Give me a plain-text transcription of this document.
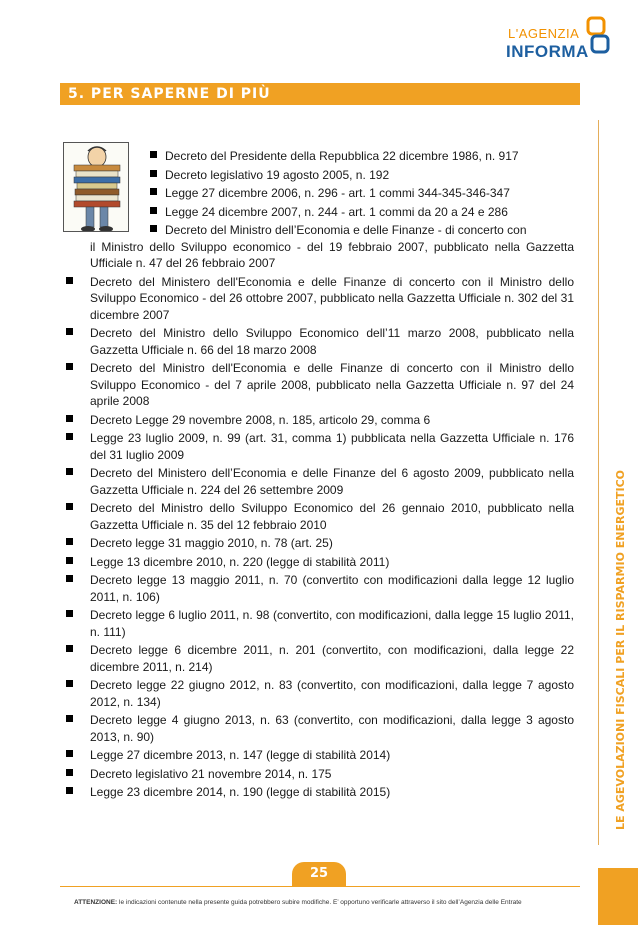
L'AGENZIA
INFORMA
5. PER SAPERNE DI PIÙ
Decreto del Presidente della Repubblica 22 dicembre 1986, n. 917
Decreto legislativo 19 agosto 2005, n. 192
Legge 27 dicembre 2006, n. 296 - art. 1 commi 344-345-346-347
Legge 24 dicembre 2007, n. 244 - art. 1 commi da 20 a 24 e 286
Decreto del Ministro dell’Economia e delle Finanze - di concerto con
il Ministro dello Sviluppo economico - del 19 febbraio 2007, pubblicato nella Gazzetta Ufficiale n. 47 del 26 febbraio 2007
Decreto del Ministero dell'Economia e delle Finanze di concerto con il Ministro dello Sviluppo Economico - del 26 ottobre 2007, pubblicato nella Gazzetta Ufficiale n. 302 del 31 dicembre 2007
Decreto del Ministro dello Sviluppo Economico dell’11 marzo 2008, pubblicato nella Gazzetta Ufficiale n. 66 del 18 marzo 2008
Decreto del Ministro dell'Economia e delle Finanze di concerto con il Ministro dello Sviluppo Economico - del 7 aprile 2008, pubblicato nella Gazzetta Ufficiale n. 97 del 24 aprile 2008
Decreto Legge 29 novembre 2008, n. 185, articolo 29, comma 6
Legge 23 luglio 2009, n. 99 (art. 31, comma 1) pubblicata nella Gazzetta Ufficiale n. 176 del 31 luglio 2009
Decreto del Ministero dell’Economia e delle Finanze del 6 agosto 2009, pubblicato nella Gazzetta Ufficiale n. 224 del 26 settembre 2009
Decreto del Ministro dello Sviluppo Economico del 26 gennaio 2010, pubblicato nella Gazzetta Ufficiale n. 35 del 12 febbraio 2010
Decreto legge 31 maggio 2010, n. 78 (art. 25)
Legge 13 dicembre 2010, n. 220 (legge di stabilità 2011)
Decreto legge 13 maggio 2011, n. 70 (convertito con modificazioni dalla legge 12 luglio 2011, n. 106)
Decreto legge 6 luglio 2011, n. 98 (convertito, con modificazioni, dalla legge 15 luglio 2011, n. 111)
Decreto legge 6 dicembre 2011, n. 201 (convertito, con modificazioni, dalla legge 22 dicembre 2011, n. 214)
Decreto legge 22 giugno 2012, n. 83 (convertito, con modificazioni, dalla legge 7 agosto 2012, n. 134)
Decreto legge 4 giugno 2013, n. 63 (convertito, con modificazioni, dalla legge 3 agosto 2013, n. 90)
Legge 27 dicembre 2013, n. 147 (legge di stabilità 2014)
Decreto legislativo 21 novembre 2014, n. 175
Legge 23 dicembre 2014, n. 190 (legge di stabilità 2015)	LE AGEVOLAZIONI FISCALI PER IL RISPARMIO ENERGETICO
25
ATTENZIONE: le indicazioni contenute nella presente guida potrebbero subire modifiche. E’ opportuno verificarle attraverso il sito dell’Agenzia delle Entrate
